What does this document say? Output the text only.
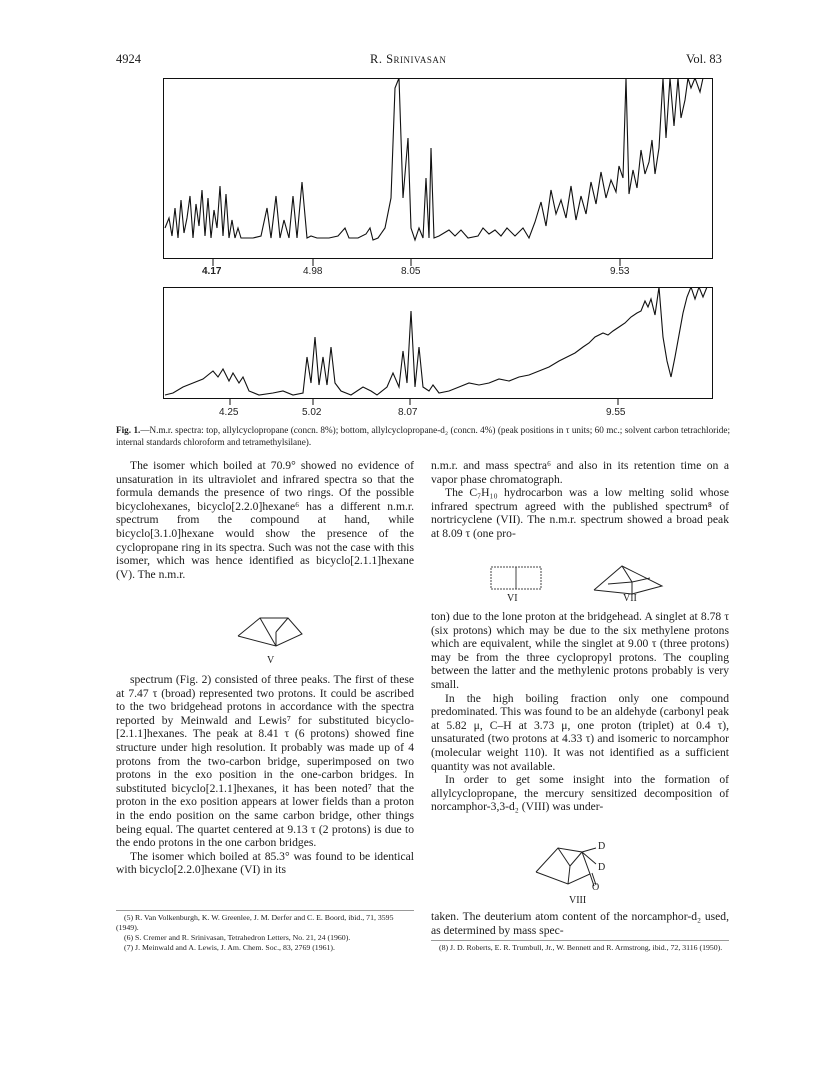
4924	R. Srinivasan	Vol. 83
4.17	4.98	8.05	9.53
4.25	5.02	8.07	9.55
Fig. 1.—N.m.r. spectra: top, allylcyclopropane (concn. 8%); bottom, allylcyclopropane-d₂ (concn. 4%) (peak positions in τ units; 60 mc.; solvent carbon tetrachloride; internal standards chloroform and tetramethylsilane).

The isomer which boiled at 70.9° showed no evidence of unsaturation in its ultraviolet and infrared spectra so that the formula demands the presence of two rings. Of the possible bicyclohexanes, bicyclo[2.2.0]hexane⁶ has a different n.m.r. spectrum from the compound at hand, while bicyclo[3.1.0]hexane would show the presence of the cyclopropane ring in its spectra. Such was not the case with this isomer, which was hence identified as bicyclo[2.1.1]hexane (V). The n.m.r.

V

spectrum (Fig. 2) consisted of three peaks. The first of these at 7.47 τ (broad) represented two protons. It could be ascribed to the two bridgehead protons in accordance with the spectra reported by Meinwald and Lewis⁷ for substituted bicyclo-[2.1.1]hexanes. The peak at 8.41 τ (6 protons) showed fine structure under high resolution. It probably was made up of 4 protons from the two-carbon bridge, superimposed on two protons in the exo position in the one-carbon bridges. In substituted bicyclo[2.1.1]hexanes, it has been noted⁷ that the proton in the exo position appears at lower fields than a proton in the endo position on the same carbon bridge, other things being equal. The quartet centered at 9.13 τ (2 protons) is due to the endo protons in the one carbon bridges.

The isomer which boiled at 85.3° was found to be identical with bicyclo[2.2.0]hexane (VI) in its

(5) R. Van Volkenburgh, K. W. Greenlee, J. M. Derfer and C. E. Boord, ibid., 71, 3595 (1949).
(6) S. Cremer and R. Srinivasan, Tetrahedron Letters, No. 21, 24 (1960).
(7) J. Meinwald and A. Lewis, J. Am. Chem. Soc., 83, 2769 (1961).

n.m.r. and mass spectra⁶ and also in its retention time on a vapor phase chromatograph.

The C₇H₁₀ hydrocarbon was a low melting solid whose infrared spectrum agreed with the published spectrum⁸ of nortricyclene (VII). The n.m.r. spectrum showed a broad peak at 8.09 τ (one pro-

VI	VII

ton) due to the lone proton at the bridgehead. A singlet at 8.78 τ (six protons) which may be due to the six methylene protons which are equivalent, while the singlet at 9.00 τ (three protons) may be from the three cyclopropyl protons. The coupling between the latter and the methylenic protons probably is very small.

In the high boiling fraction only one compound predominated. This was found to be an aldehyde (carbonyl peak at 5.82 μ, C–H at 3.73 μ, one proton (triplet) at 0.4 τ), unsaturated (two protons at 4.33 τ) and isomeric to norcamphor (molecular weight 110). It was not identified as a sufficient quantity was not available.

In order to get some insight into the formation of allylcyclopropane, the mercury sensitized decomposition of norcamphor-3,3-d₂ (VIII) was under-

D
D
O
VIII

taken. The deuterium atom content of the norcamphor-d₂ used, as determined by mass spec-

(8) J. D. Roberts, E. R. Trumbull, Jr., W. Bennett and R. Armstrong, ibid., 72, 3116 (1950).
